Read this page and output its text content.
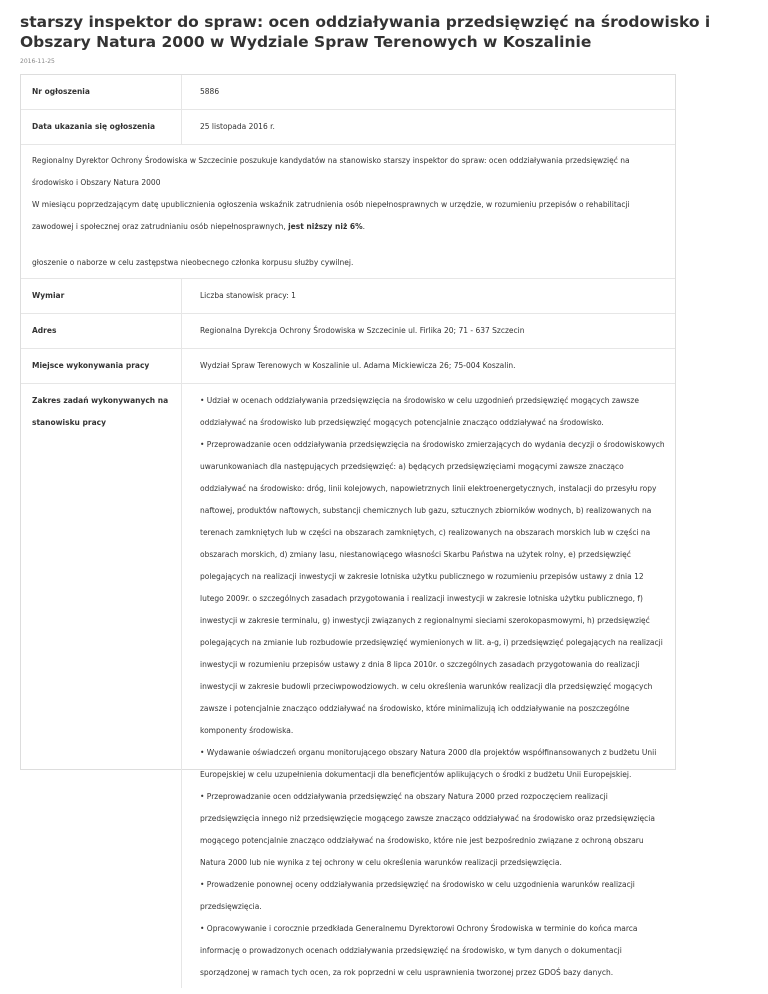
starszy inspektor do spraw: ocen oddziaływania przedsięwzięć na środowisko i Obszary Natura 2000 w Wydziale Spraw Terenowych w Koszalinie
2016-11-25
Nr ogłoszenia	5886
Data ukazania się ogłoszenia	25 listopada 2016 r.

Regionalny Dyrektor Ochrony Środowiska w Szczecinie poszukuje kandydatów na stanowisko starszy inspektor do spraw: ocen oddziaływania przedsięwzięć na środowisko i Obszary Natura 2000

W miesiącu poprzedzającym datę upublicznienia ogłoszenia wskaźnik zatrudnienia osób niepełnosprawnych w urzędzie, w rozumieniu przepisów o rehabilitacji zawodowej i społecznej oraz zatrudnianiu osób niepełnosprawnych, jest niższy niż 6%.

głoszenie o naborze w celu zastępstwa nieobecnego członka korpusu służby cywilnej.

Wymiar	Liczba stanowisk pracy: 1
Adres	Regionalna Dyrekcja Ochrony Środowiska w Szczecinie ul. Firlika 20; 71 - 637 Szczecin
Miejsce wykonywania pracy	Wydział Spraw Terenowych w Koszalinie ul. Adama Mickiewicza 26; 75-004 Koszalin.
Zakres zadań wykonywanych na stanowisku pracy

• Udział w ocenach oddziaływania przedsięwzięcia na środowisko w celu uzgodnień przedsięwzięć mogących zawsze oddziaływać na środowisko lub przedsięwzięć mogących potencjalnie znacząco oddziaływać na środowisko.

• Przeprowadzanie ocen oddziaływania przedsięwzięcia na środowisko zmierzających do wydania decyzji o środowiskowych uwarunkowaniach dla następujących przedsięwzięć: a) będących przedsięwzięciami mogącymi zawsze znacząco oddziaływać na środowisko: dróg, linii kolejowych, napowietrznych linii elektroenergetycznych, instalacji do przesyłu ropy naftowej, produktów naftowych, substancji chemicznych lub gazu, sztucznych zbiorników wodnych, b) realizowanych na terenach zamkniętych lub w części na obszarach zamkniętych, c) realizowanych na obszarach morskich lub w części na obszarach morskich, d) zmiany lasu, niestanowiącego własności Skarbu Państwa na użytek rolny, e) przedsięwzięć polegających na realizacji inwestycji w zakresie lotniska użytku publicznego w rozumieniu przepisów ustawy z dnia 12 lutego 2009r. o szczególnych zasadach przygotowania i realizacji inwestycji w zakresie lotniska użytku publicznego, f) inwestycji w zakresie terminalu, g) inwestycji związanych z regionalnymi sieciami szerokopasmowymi, h) przedsięwzięć polegających na zmianie lub rozbudowie przedsięwzięć wymienionych w lit. a-g, i) przedsięwzięć polegających na realizacji inwestycji w rozumieniu przepisów ustawy z dnia 8 lipca 2010r. o szczególnych zasadach przygotowania do realizacji inwestycji w zakresie budowli przeciwpowodziowych. w celu określenia warunków realizacji dla przedsięwzięć mogących zawsze i potencjalnie znacząco oddziaływać na środowisko, które minimalizują ich oddziaływanie na poszczególne komponenty środowiska.

• Wydawanie oświadczeń organu monitorującego obszary Natura 2000 dla projektów współfinansowanych z budżetu Unii Europejskiej w celu uzupełnienia dokumentacji dla beneficjentów aplikujących o środki z budżetu Unii Europejskiej.

• Przeprowadzanie ocen oddziaływania przedsięwzięć na obszary Natura 2000 przed rozpoczęciem realizacji przedsięwzięcia innego niż przedsięwzięcie mogącego zawsze znacząco oddziaływać na środowisko oraz przedsięwzięcia mogącego potencjalnie znacząco oddziaływać na środowisko, które nie jest bezpośrednio związane z ochroną obszaru Natura 2000 lub nie wynika z tej ochrony w celu określenia warunków realizacji przedsięwzięcia.

• Prowadzenie ponownej oceny oddziaływania przedsięwzięć na środowisko w celu uzgodnienia warunków realizacji przedsięwzięcia.

• Opracowywanie i corocznie przedkłada Generalnemu Dyrektorowi Ochrony Środowiska w terminie do końca marca informację o prowadzonych ocenach oddziaływania przedsięwzięć na środowisko, w tym danych o dokumentacji sporządzonej w ramach tych ocen, za rok poprzedni w celu usprawnienia tworzonej przez GDOŚ bazy danych.
